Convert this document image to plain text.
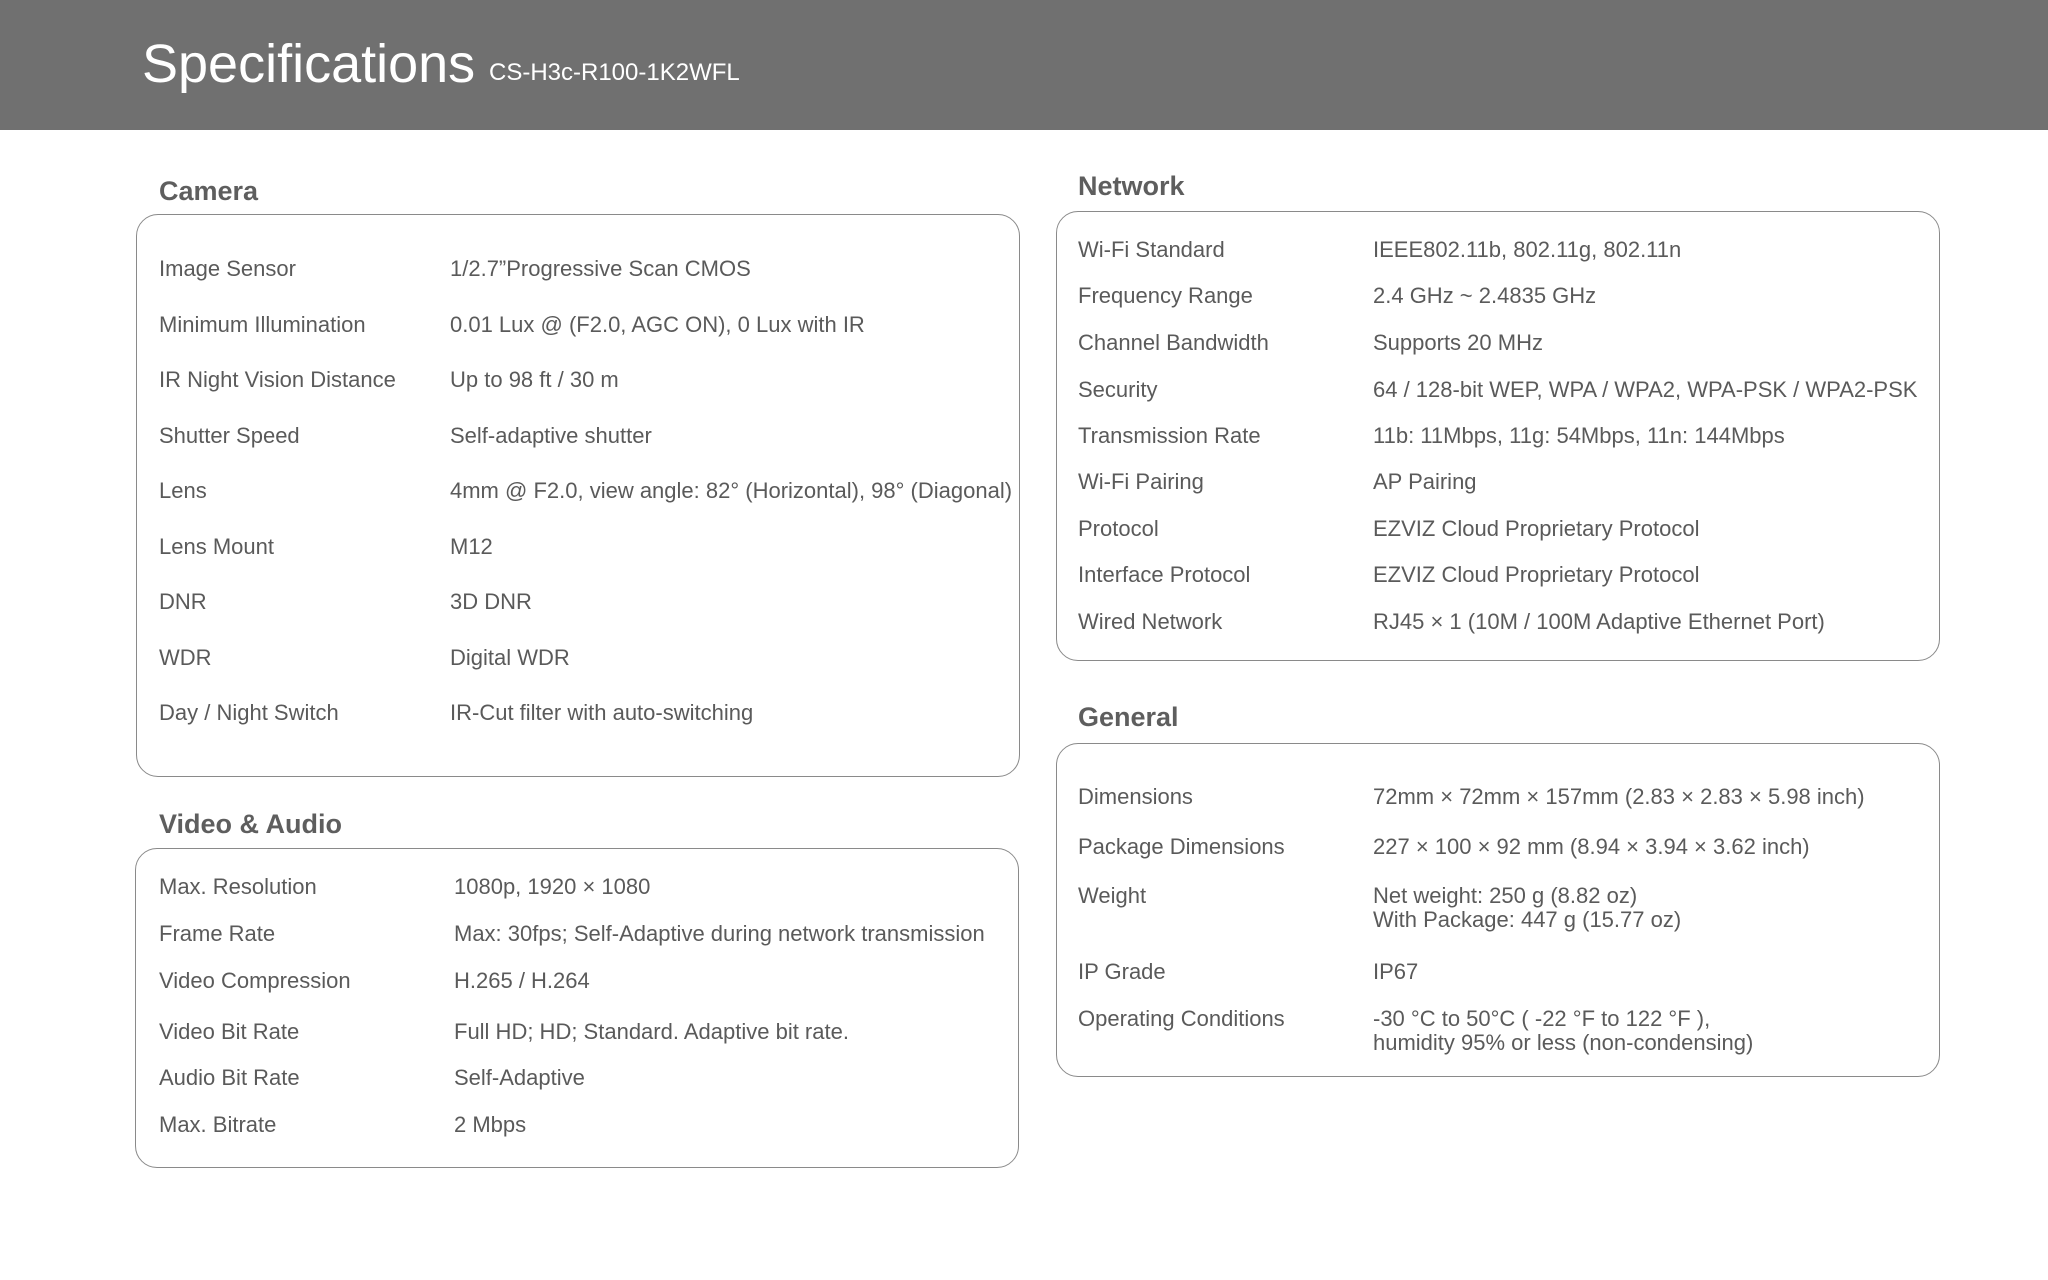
Specifications CS-H3c-R100-1K2WFL
Camera
Image Sensor	1/2.7”Progressive Scan CMOS
Minimum Illumination	0.01 Lux @ (F2.0, AGC ON), 0 Lux with IR
IR Night Vision Distance Up to 98 ft / 30 m
Shutter Speed	Self-adaptive shutter
Lens	4mm @ F2.0, view angle: 82° (Horizontal), 98° (Diagonal)
Lens Mount	M12
DNR	3D DNR
WDR	Digital WDR
Day / Night Switch	IR-Cut filter with auto-switching
Video & Audio
Max. Resolution	1080p, 1920 × 1080
Frame Rate	Max: 30fps; Self-Adaptive during network transmission
Video Compression	H.265 / H.264
Video Bit Rate	Full HD; HD; Standard. Adaptive bit rate.
Audio Bit Rate	Self-Adaptive
Max. Bitrate	2 Mbps
Network
Wi-Fi Standard	IEEE802.11b, 802.11g, 802.11n
Frequency Range	2.4 GHz ~ 2.4835 GHz
Channel Bandwidth	Supports 20 MHz
Security	64 / 128-bit WEP, WPA / WPA2, WPA-PSK / WPA2-PSK
Transmission Rate	11b: 11Mbps, 11g: 54Mbps, 11n: 144Mbps
Wi-Fi Pairing	AP Pairing
Protocol	EZVIZ Cloud Proprietary Protocol
Interface Protocol	EZVIZ Cloud Proprietary Protocol
Wired Network	RJ45 × 1 (10M / 100M Adaptive Ethernet Port)
General
Dimensions	72mm × 72mm × 157mm (2.83 × 2.83 × 5.98 inch)
Package Dimensions	227 × 100 × 92 mm (8.94 × 3.94 × 3.62 inch)
Weight	Net weight: 250 g (8.82 oz)
With Package: 447 g (15.77 oz)
IP Grade	IP67
Operating Conditions	-30 °C to 50°C ( -22 °F to 122 °F ),
humidity 95% or less (non-condensing)
